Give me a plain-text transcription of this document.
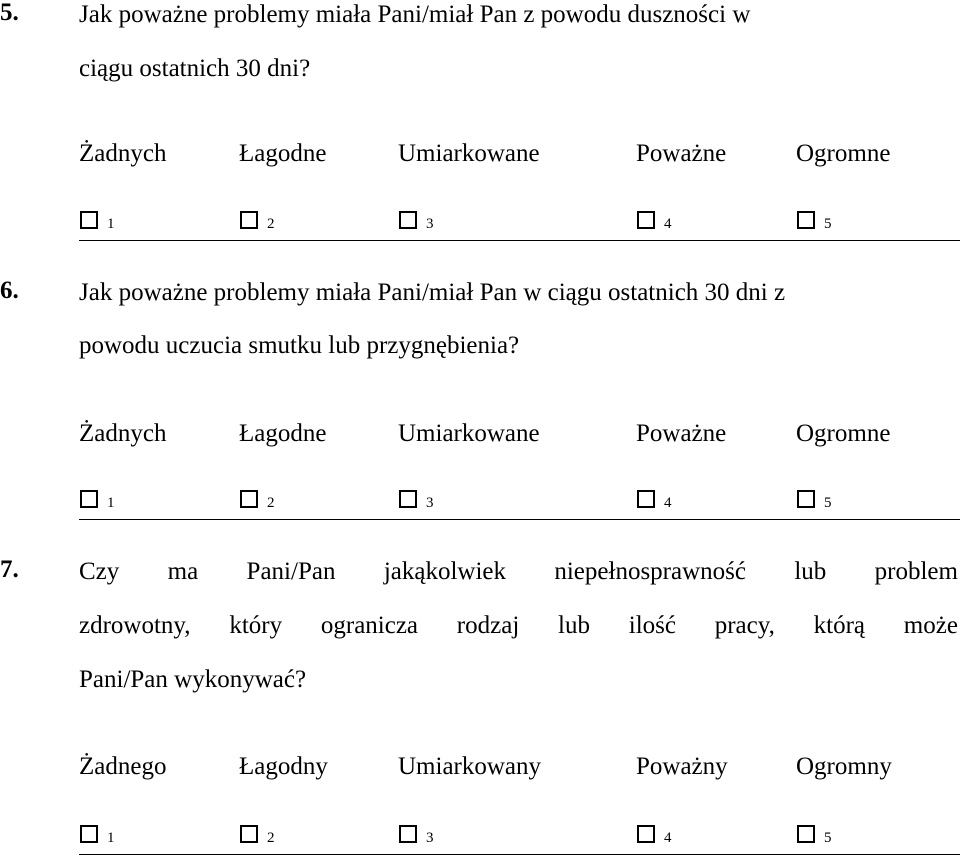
5. Jak poważne problemy miała Pani/miał Pan z powodu duszności w
ciągu ostatnich 30 dni?
Żadnych	Łagodne	Umiarkowane	Poważne	Ogromne
1	2	3	4	5
6. Jak poważne problemy miała Pani/miał Pan w ciągu ostatnich 30 dni z
powodu uczucia smutku lub przygnębienia?
Żadnych	Łagodne	Umiarkowane	Poważne	Ogromne
1	2	3	4	5
7. Czy ma Pani/Pan jakąkolwiek niepełnosprawność lub problem
zdrowotny, który ogranicza rodzaj lub ilość pracy, którą może
Pani/Pan wykonywać?
Żadnego	Łagodny	Umiarkowany	Poważny	Ogromny
1	2	3	4	5
